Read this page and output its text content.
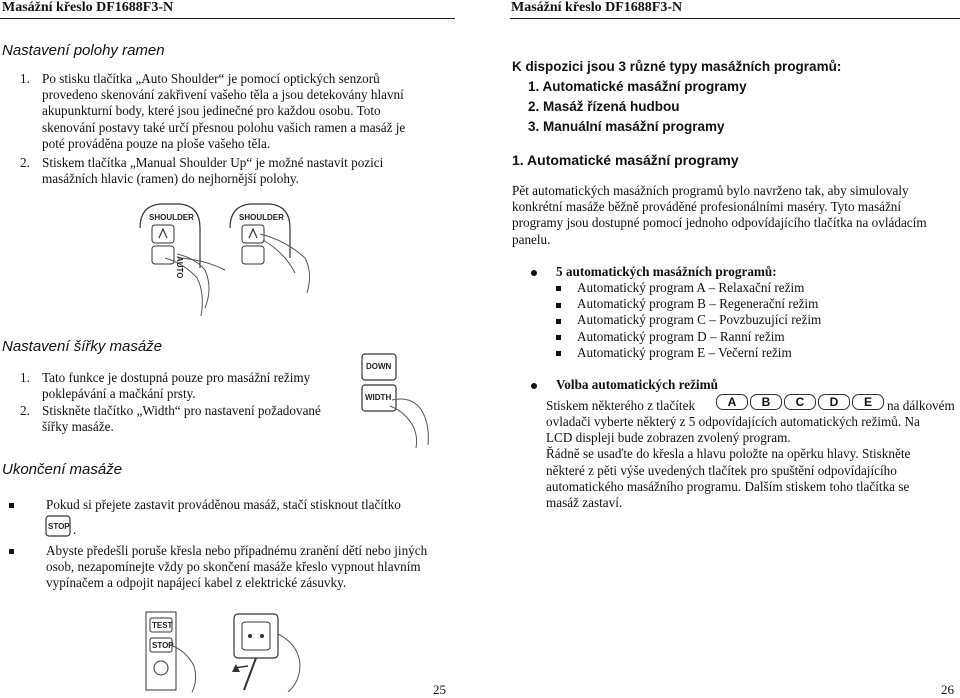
Masážní křeslo DF1688F3-N
Nastavení polohy ramen
1. Po stisku tlačítka „Auto Shoulder“ je pomocí optických senzorů
provedeno skenování zakřivení vašeho těla a jsou detekovány hlavní
akupunkturní body, které jsou jedinečné pro každou osobu. Toto
skenování postavy také určí přesnou polohu vašich ramen a masáž je
poté prováděna pouze na ploše vašeho těla.
2. Stiskem tlačítka „Manual Shoulder Up“ je možné nastavit pozici
masážních hlavic (ramen) do nejhornější polohy.
SHOULDER
AUTO
SHOULDER
Nastavení šířky masáže
1. Tato funkce je dostupná pouze pro masážní režimy
poklepávání a mačkání prsty.
2. Stiskněte tlačítko „Width“ pro nastavení požadované
šířky masáže.
DOWN
WIDTH
Ukončení masáže
Pokud si přejete zastavit prováděnou masáž, stačí stisknout tlačítko
STOP .
Abyste předešli poruše křesla nebo případnému zranění dětí nebo jiných
osob, nezapomínejte vždy po skončení masáže křeslo vypnout hlavním
vypínačem a odpojit napájecí kabel z elektrické zásuvky.
TEST
STOP
25
Masážní křeslo DF1688F3-N
K dispozici jsou 3 různé typy masážních programů:
1. Automatické masážní programy
2. Masáž řízená hudbou
3. Manuální masážní programy
1. Automatické masážní programy
Pět automatických masážních programů bylo navrženo tak, aby simulovaly
konkrétní masáže běžně prováděné profesionálními maséry. Tyto masážní
programy jsou dostupné pomocí jednoho odpovídajícího tlačítka na ovládacím
panelu.
5 automatických masážních programů:
Automatický program A – Relaxační režim
Automatický program B – Regenerační režim
Automatický program C – Povzbuzující režim
Automatický program D – Ranní režim
Automatický program E – Večerní režim
Volba automatických režimů
Stiskem některého z tlačítek	A	B	C	D	E	na dálkovém
ovladači vyberte některý z 5 odpovídajících automatických režimů. Na
LCD displeji bude zobrazen zvolený program.
Řádně se usaďte do křesla a hlavu položte na opěrku hlavy. Stiskněte
některé z pěti výše uvedených tlačítek pro spuštění odpovídajícího
automatického masážního programu. Dalším stiskem toho tlačítka se
masáž zastaví.
26
